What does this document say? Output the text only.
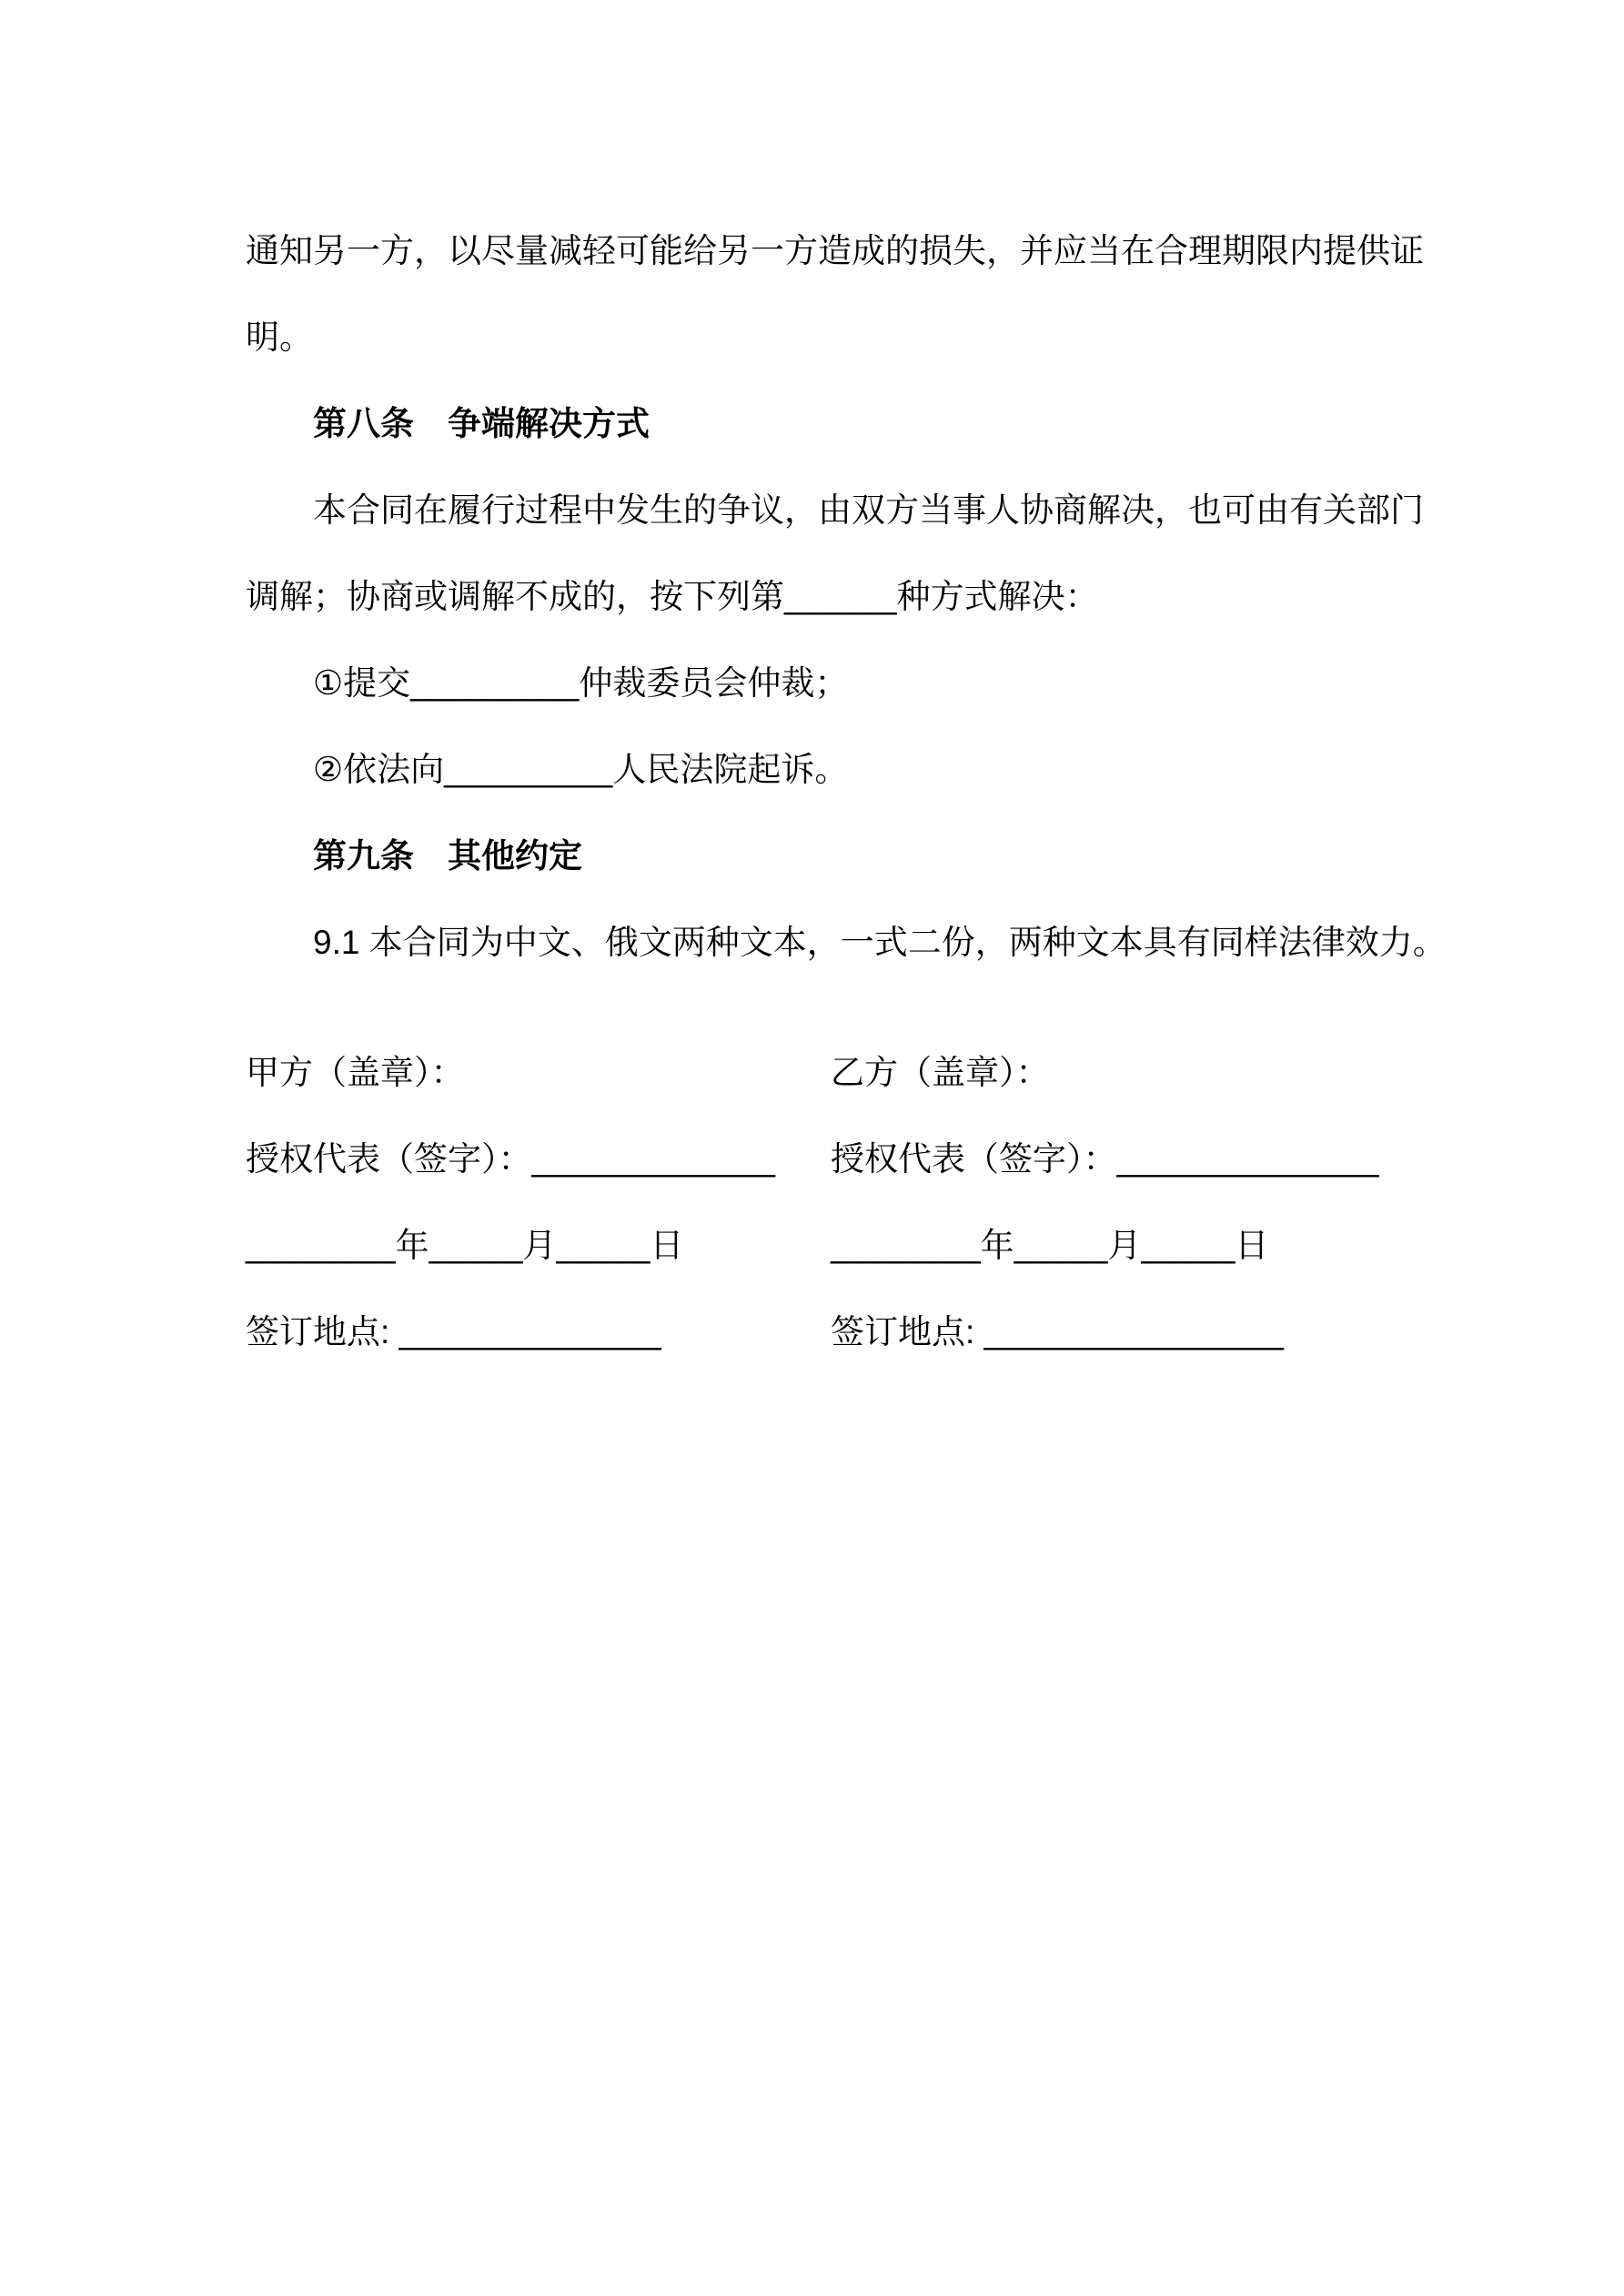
通知另一方，以尽量减轻可能给另一方造成的损失，并应当在合理期限内提供证

明。

第八条　争端解决方式

本合同在履行过程中发生的争议，由双方当事人协商解决，也可由有关部门

调解；协商或调解不成的，按下列第______种方式解决：

①提交_________仲裁委员会仲裁；

②依法向_________人民法院起诉。

第九条　其他约定

9.1 本合同为中文、俄文两种文本，一式二份，两种文本具有同样法律效力。

甲方（盖章）：	乙方（盖章）：

授权代表（签字）：_____________	授权代表（签字）：______________

________年_____月_____日	________年_____月_____日

签订地点: ______________	签订地点: ________________
